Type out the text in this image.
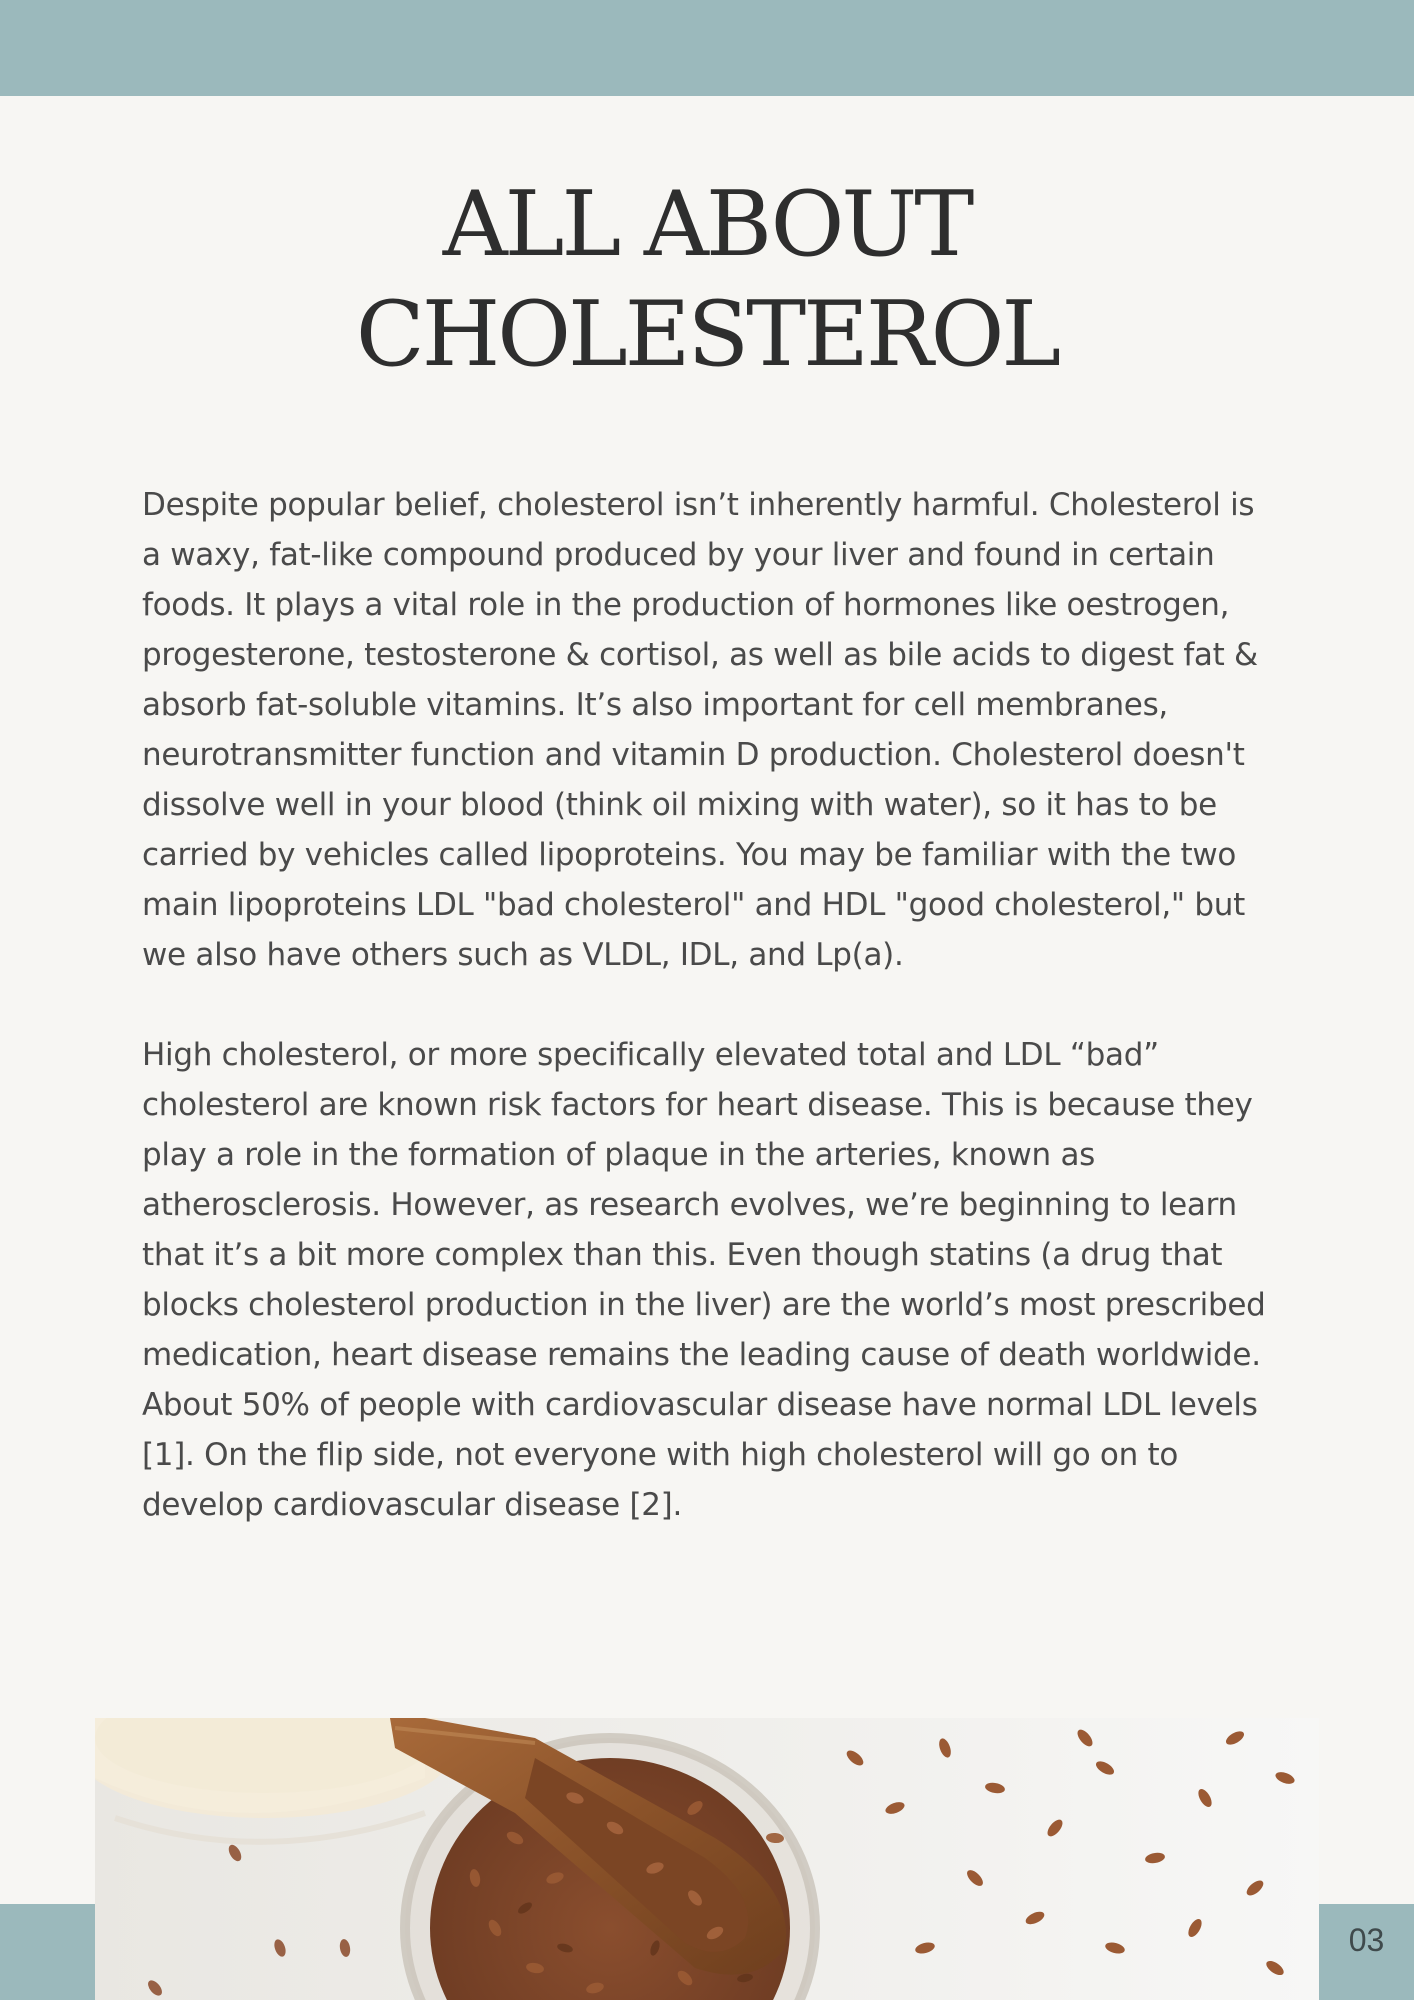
ALL ABOUT
CHOLESTEROL

Despite popular belief, cholesterol isn’t inherently harmful. Cholesterol is a waxy, fat-like compound produced by your liver and found in certain foods. It plays a vital role in the production of hormones like oestrogen, progesterone, testosterone & cortisol, as well as bile acids to digest fat & absorb fat-soluble vitamins. It’s also important for cell membranes, neurotransmitter function and vitamin D production. Cholesterol doesn't dissolve well in your blood (think oil mixing with water), so it has to be carried by vehicles called lipoproteins. You may be familiar with the two main lipoproteins LDL "bad cholesterol" and HDL "good cholesterol," but we also have others such as VLDL, IDL, and Lp(a).

High cholesterol, or more specifically elevated total and LDL “bad” cholesterol are known risk factors for heart disease. This is because they play a role in the formation of plaque in the arteries, known as atherosclerosis. However, as research evolves, we’re beginning to learn that it’s a bit more complex than this. Even though statins (a drug that blocks cholesterol production in the liver) are the world’s most prescribed medication, heart disease remains the leading cause of death worldwide. About 50% of people with cardiovascular disease have normal LDL levels [1]. On the flip side, not everyone with high cholesterol will go on to develop cardiovascular disease [2].

03
